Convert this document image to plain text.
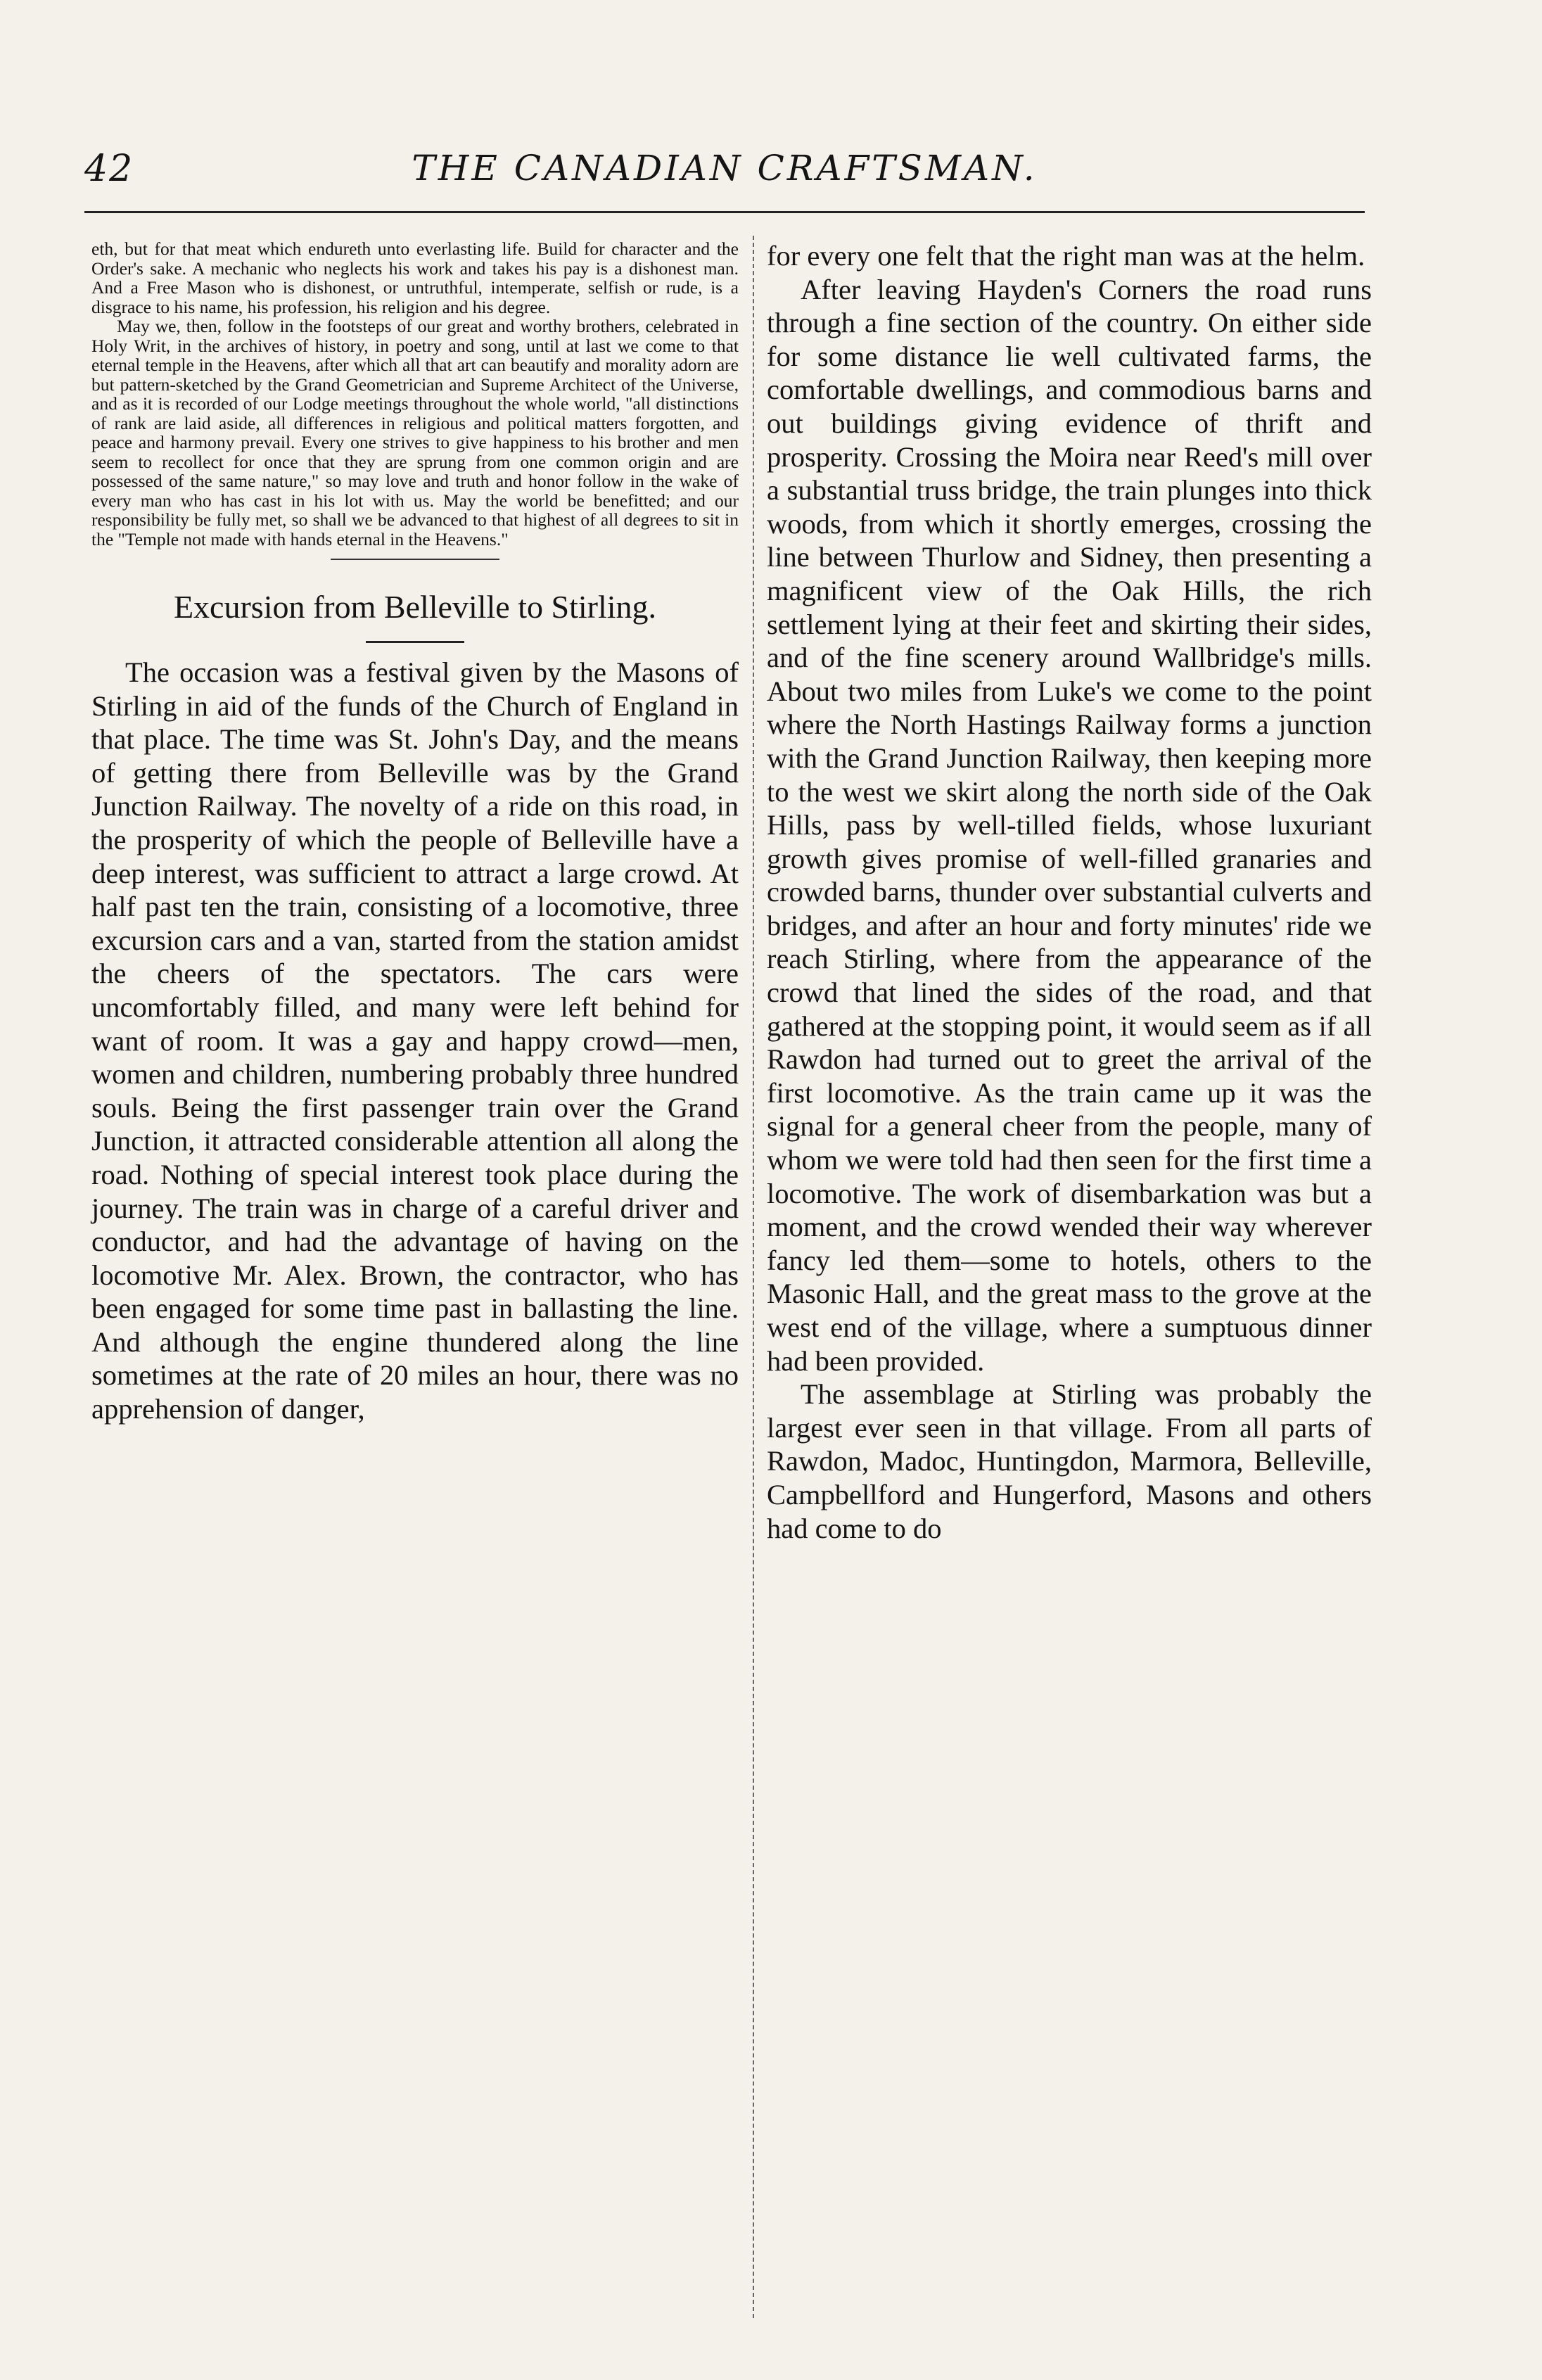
42	THE CANADIAN CRAFTSMAN.

eth, but for that meat which endureth unto everlasting life. Build for character and the Order's sake. A mechanic who neglects his work and takes his pay is a dishonest man. And a Free Mason who is dishonest, or untruthful, intemperate, selfish or rude, is a disgrace to his name, his profession, his religion and his degree.

May we, then, follow in the footsteps of our great and worthy brothers, celebrated in Holy Writ, in the archives of history, in poetry and song, until at last we come to that eternal temple in the Heavens, after which all that art can beautify and morality adorn are but pattern-sketched by the Grand Geometrician and Supreme Architect of the Universe, and as it is recorded of our Lodge meetings throughout the whole world, "all distinctions of rank are laid aside, all differences in religious and political matters forgotten, and peace and harmony prevail. Every one strives to give happiness to his brother and men seem to recollect for once that they are sprung from one common origin and are possessed of the same nature," so may love and truth and honor follow in the wake of every man who has cast in his lot with us. May the world be benefitted; and our responsibility be fully met, so shall we be advanced to that highest of all degrees to sit in the "Temple not made with hands eternal in the Heavens."

Excursion from Belleville to Stirling.

The occasion was a festival given by the Masons of Stirling in aid of the funds of the Church of England in that place. The time was St. John's Day, and the means of getting there from Belleville was by the Grand Junction Railway. The novelty of a ride on this road, in the prosperity of which the people of Belleville have a deep interest, was sufficient to attract a large crowd. At half past ten the train, consisting of a locomotive, three excursion cars and a van, started from the station amidst the cheers of the spectators. The cars were uncomfortably filled, and many were left behind for want of room. It was a gay and happy crowd—men, women and children, numbering probably three hundred souls. Being the first passenger train over the Grand Junction, it attracted considerable attention all along the road. Nothing of special interest took place during the journey. The train was in charge of a careful driver and conductor, and had the advantage of having on the locomotive Mr. Alex. Brown, the contractor, who has been engaged for some time past in ballasting the line. And although the engine thundered along the line sometimes at the rate of 20 miles an hour, there was no apprehension of danger,

for every one felt that the right man was at the helm.

After leaving Hayden's Corners the road runs through a fine section of the country. On either side for some distance lie well cultivated farms, the comfortable dwellings, and commodious barns and out buildings giving evidence of thrift and prosperity. Crossing the Moira near Reed's mill over a substantial truss bridge, the train plunges into thick woods, from which it shortly emerges, crossing the line between Thurlow and Sidney, then presenting a magnificent view of the Oak Hills, the rich settlement lying at their feet and skirting their sides, and of the fine scenery around Wallbridge's mills. About two miles from Luke's we come to the point where the North Hastings Railway forms a junction with the Grand Junction Railway, then keeping more to the west we skirt along the north side of the Oak Hills, pass by well-tilled fields, whose luxuriant growth gives promise of well-filled granaries and crowded barns, thunder over substantial culverts and bridges, and after an hour and forty minutes' ride we reach Stirling, where from the appearance of the crowd that lined the sides of the road, and that gathered at the stopping point, it would seem as if all Rawdon had turned out to greet the arrival of the first locomotive. As the train came up it was the signal for a general cheer from the people, many of whom we were told had then seen for the first time a locomotive. The work of disembarkation was but a moment, and the crowd wended their way wherever fancy led them—some to hotels, others to the Masonic Hall, and the great mass to the grove at the west end of the village, where a sumptuous dinner had been provided.

The assemblage at Stirling was probably the largest ever seen in that village. From all parts of Rawdon, Madoc, Huntingdon, Marmora, Belleville, Campbellford and Hungerford, Masons and others had come to do
